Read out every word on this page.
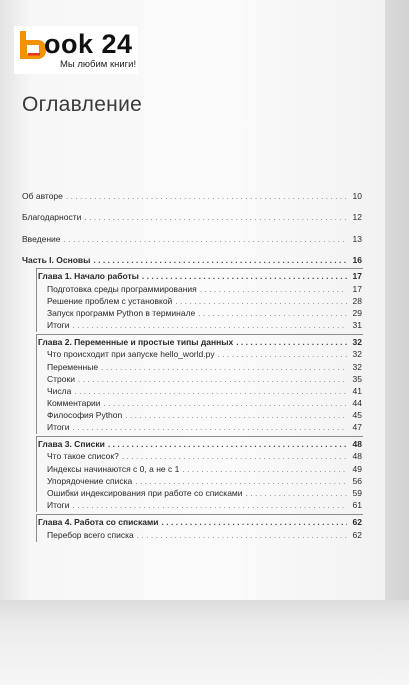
ook 24
Мы любим книги!
Оглавление
Об авторе . . .	10
Благодарности . . .	12
Введение . . .	13
Часть I. Основы . . .	16
Глава 1. Начало работы . . .	17
Подготовка среды программирования . . .	17
Решение проблем с установкой . . .	28
Запуск программ Python в терминале . . .	29
Итоги . . .	31
Глава 2. Переменные и простые типы данных . . .	32
Что происходит при запуске hello_world.py . . .	32
Переменные . . .	32
Строки . . .	35
Числа . . .	41
Комментарии . . .	44
Философия Python . . .	45
Итоги . . .	47
Глава 3. Списки . . .	48
Что такое список? . . .	48
Индексы начинаются с 0, а не с 1 . . .	49
Упорядочение списка . . .	56
Ошибки индексирования при работе со списками . . .	59
Итоги . . .	61
Глава 4. Работа со списками . . .	62
Перебор всего списка . . .	62
